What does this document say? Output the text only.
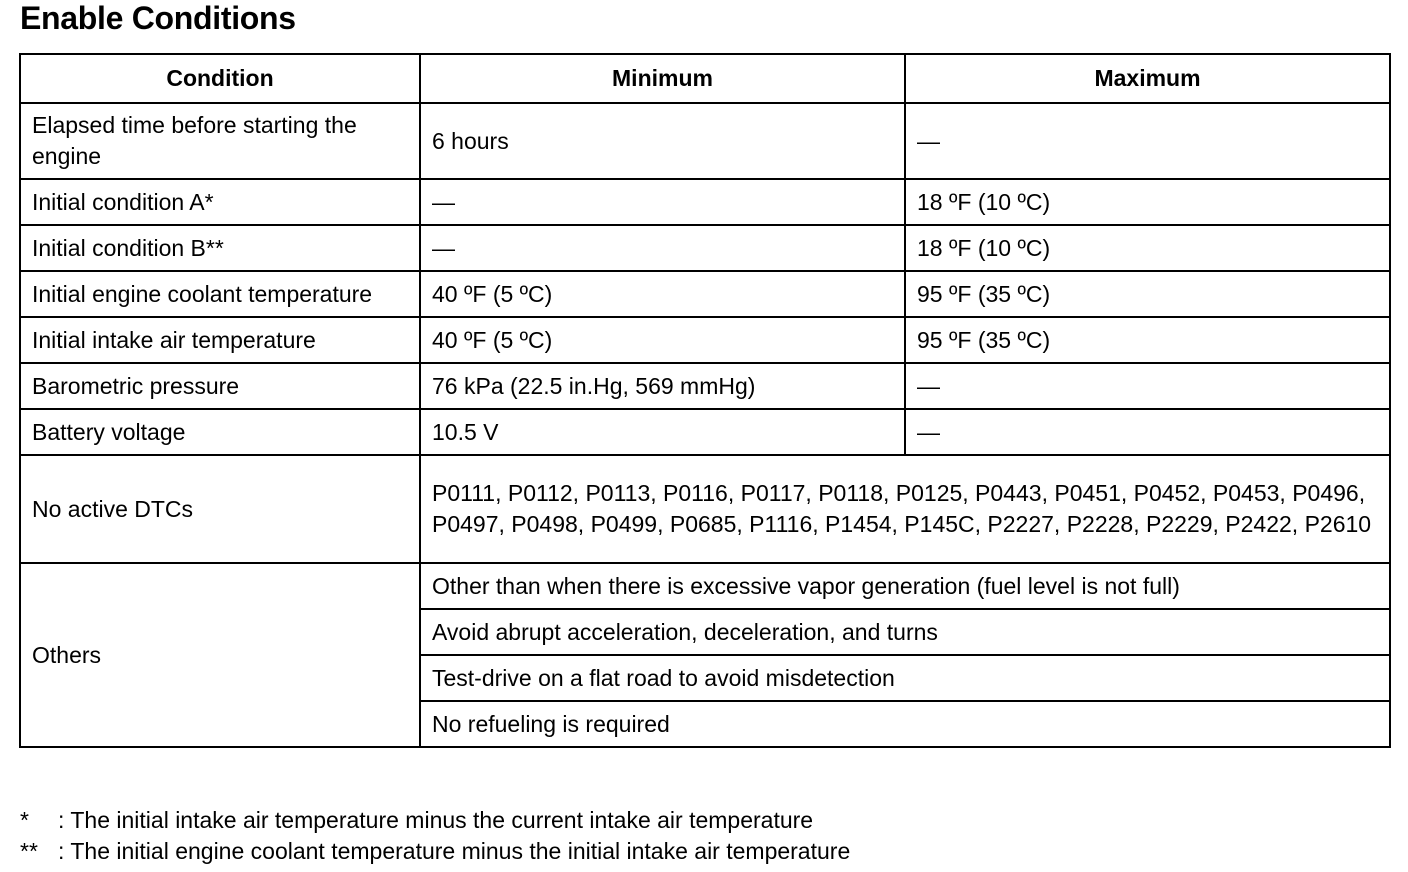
Enable Conditions
Condition	Minimum	Maximum
Elapsed time before starting the engine	6 hours	—
Initial condition A*	—	18 ºF (10 ºC)
Initial condition B**	—	18 ºF (10 ºC)
Initial engine coolant temperature	40 ºF (5 ºC)	95 ºF (35 ºC)
Initial intake air temperature	40 ºF (5 ºC)	95 ºF (35 ºC)
Barometric pressure	76 kPa (22.5 in.Hg, 569 mmHg)	—
Battery voltage	10.5 V	—
No active DTCs	P0111, P0112, P0113, P0116, P0117, P0118, P0125, P0443, P0451, P0452, P0453, P0496, P0497, P0498, P0499, P0685, P1116, P1454, P145C, P2227, P2228, P2229, P2422, P2610	
Others	Other than when there is excessive vapor generation (fuel level is not full)	
	Avoid abrupt acceleration, deceleration, and turns	
	Test-drive on a flat road to avoid misdetection	
	No refueling is required	
* : The initial intake air temperature minus the current intake air temperature
** : The initial engine coolant temperature minus the initial intake air temperature
